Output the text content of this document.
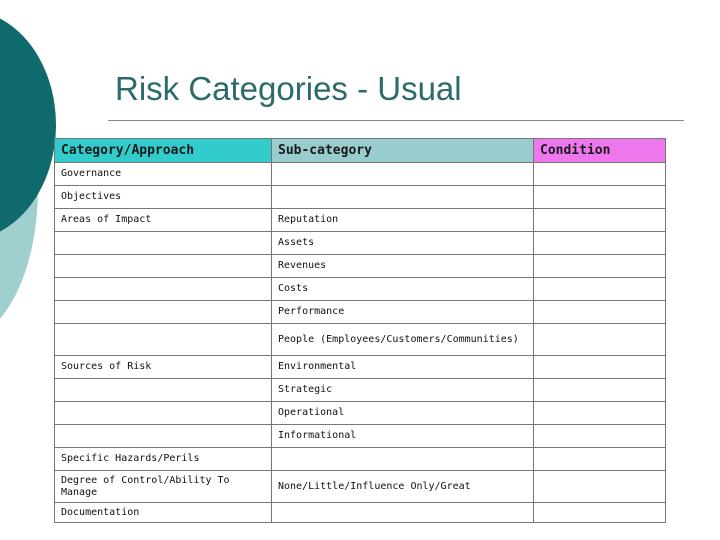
Risk Categories - Usual
Category/Approach	Sub-category	Condition
Governance		
Objectives		
Areas of Impact	Reputation	
	Assets	
	Revenues	
	Costs	
	Performance	
	People (Employees/Customers/Communities)	
Sources of Risk	Environmental	
	Strategic	
	Operational	
	Informational	
Specific Hazards/Perils		
Degree of Control/Ability To Manage	None/Little/Influence Only/Great	
Documentation		
